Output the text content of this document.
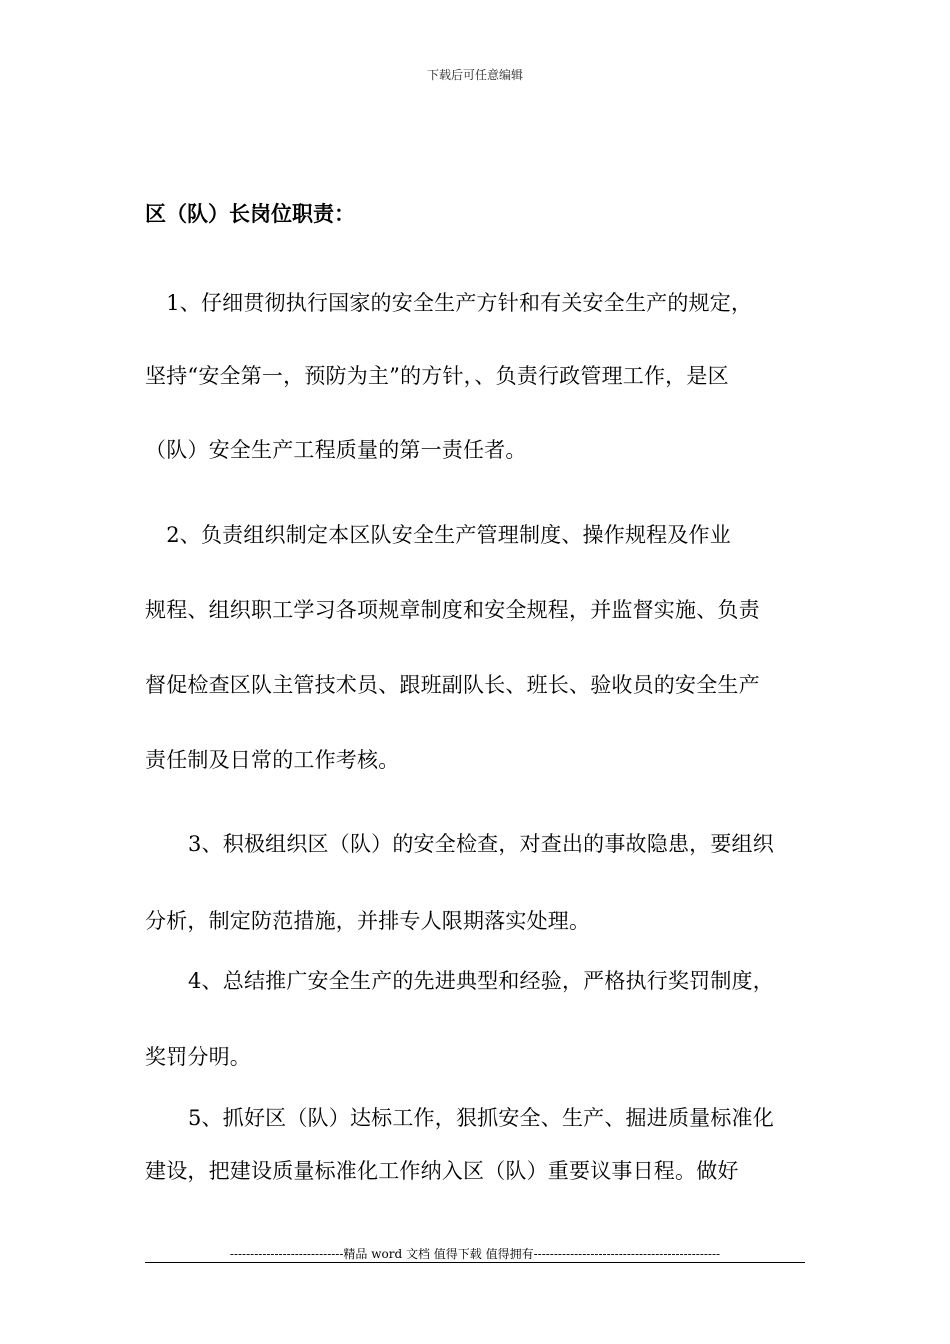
下载后可任意编辑
区（队）长岗位职责：
　1、仔细贯彻执行国家的安全生产方针和有关安全生产的规定，
坚持“安全第一，预防为主”的方针，、负责行政管理工作，是区
（队）安全生产工程质量的第一责任者。
　2、负责组织制定本区队安全生产管理制度、操作规程及作业
规程、组织职工学习各项规章制度和安全规程，并监督实施、负责
督促检查区队主管技术员、跟班副队长、班长、验收员的安全生产
责任制及日常的工作考核。
3、积极组织区（队）的安全检查，对查出的事故隐患，要组织
分析，制定防范措施，并排专人限期落实处理。
4、总结推广安全生产的先进典型和经验，严格执行奖罚制度，
奖罚分明。
5、抓好区（队）达标工作，狠抓安全、生产、掘进质量标准化
建设，把建设质量标准化工作纳入区（队）重要议事日程。做好
----------------------------精品 word 文档 值得下载 值得拥有----------------------------------------------
